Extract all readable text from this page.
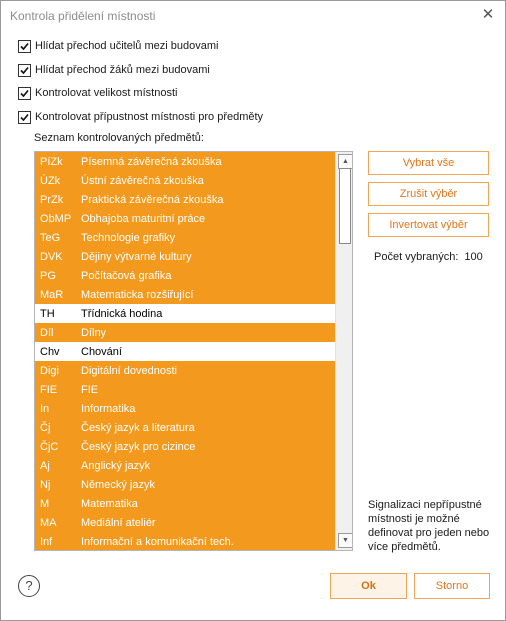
Kontrola přidělení místnosti	✕
Hlídat přechod učitelů mezi budovami
Hlídat přechod žáků mezi budovami
Kontrolovat velikost místnosti
Kontrolovat přípustnost místnosti pro předměty
Seznam kontrolovaných předmětů:
PíZk	Písemná závěrečná zkouška
ÚZk	Ústní závěrečná zkouška
PrZk	Praktická závěrečná zkouška
ObMP Obhajoba maturitní práce
TeG	Technologie grafiky
DVK	Dějiny výtvarné kultury
PG	Počítačová grafika
MaR	Matematicka rozšiřující
TH	Třídnická hodina
Díl	Dílny
Chv	Chování
Digi	Digitální dovednosti
FIE	FIE
In	Informatika
Čj	Český jazyk a literatura
ČjC	Český jazyk pro cizince
Aj	Anglický jazyk
Nj	Německý jazyk
M	Matematika
MA	Mediální ateliér
Inf	Informační a komunikační tech.
▲
▼
Vybrat vše
Zrušit výběr
Invertovat výběr
Počet vybraných: 100
Signalizaci nepřípustné místnosti je možné definovat pro jeden nebo více předmětů.
?	Ok	Storno
